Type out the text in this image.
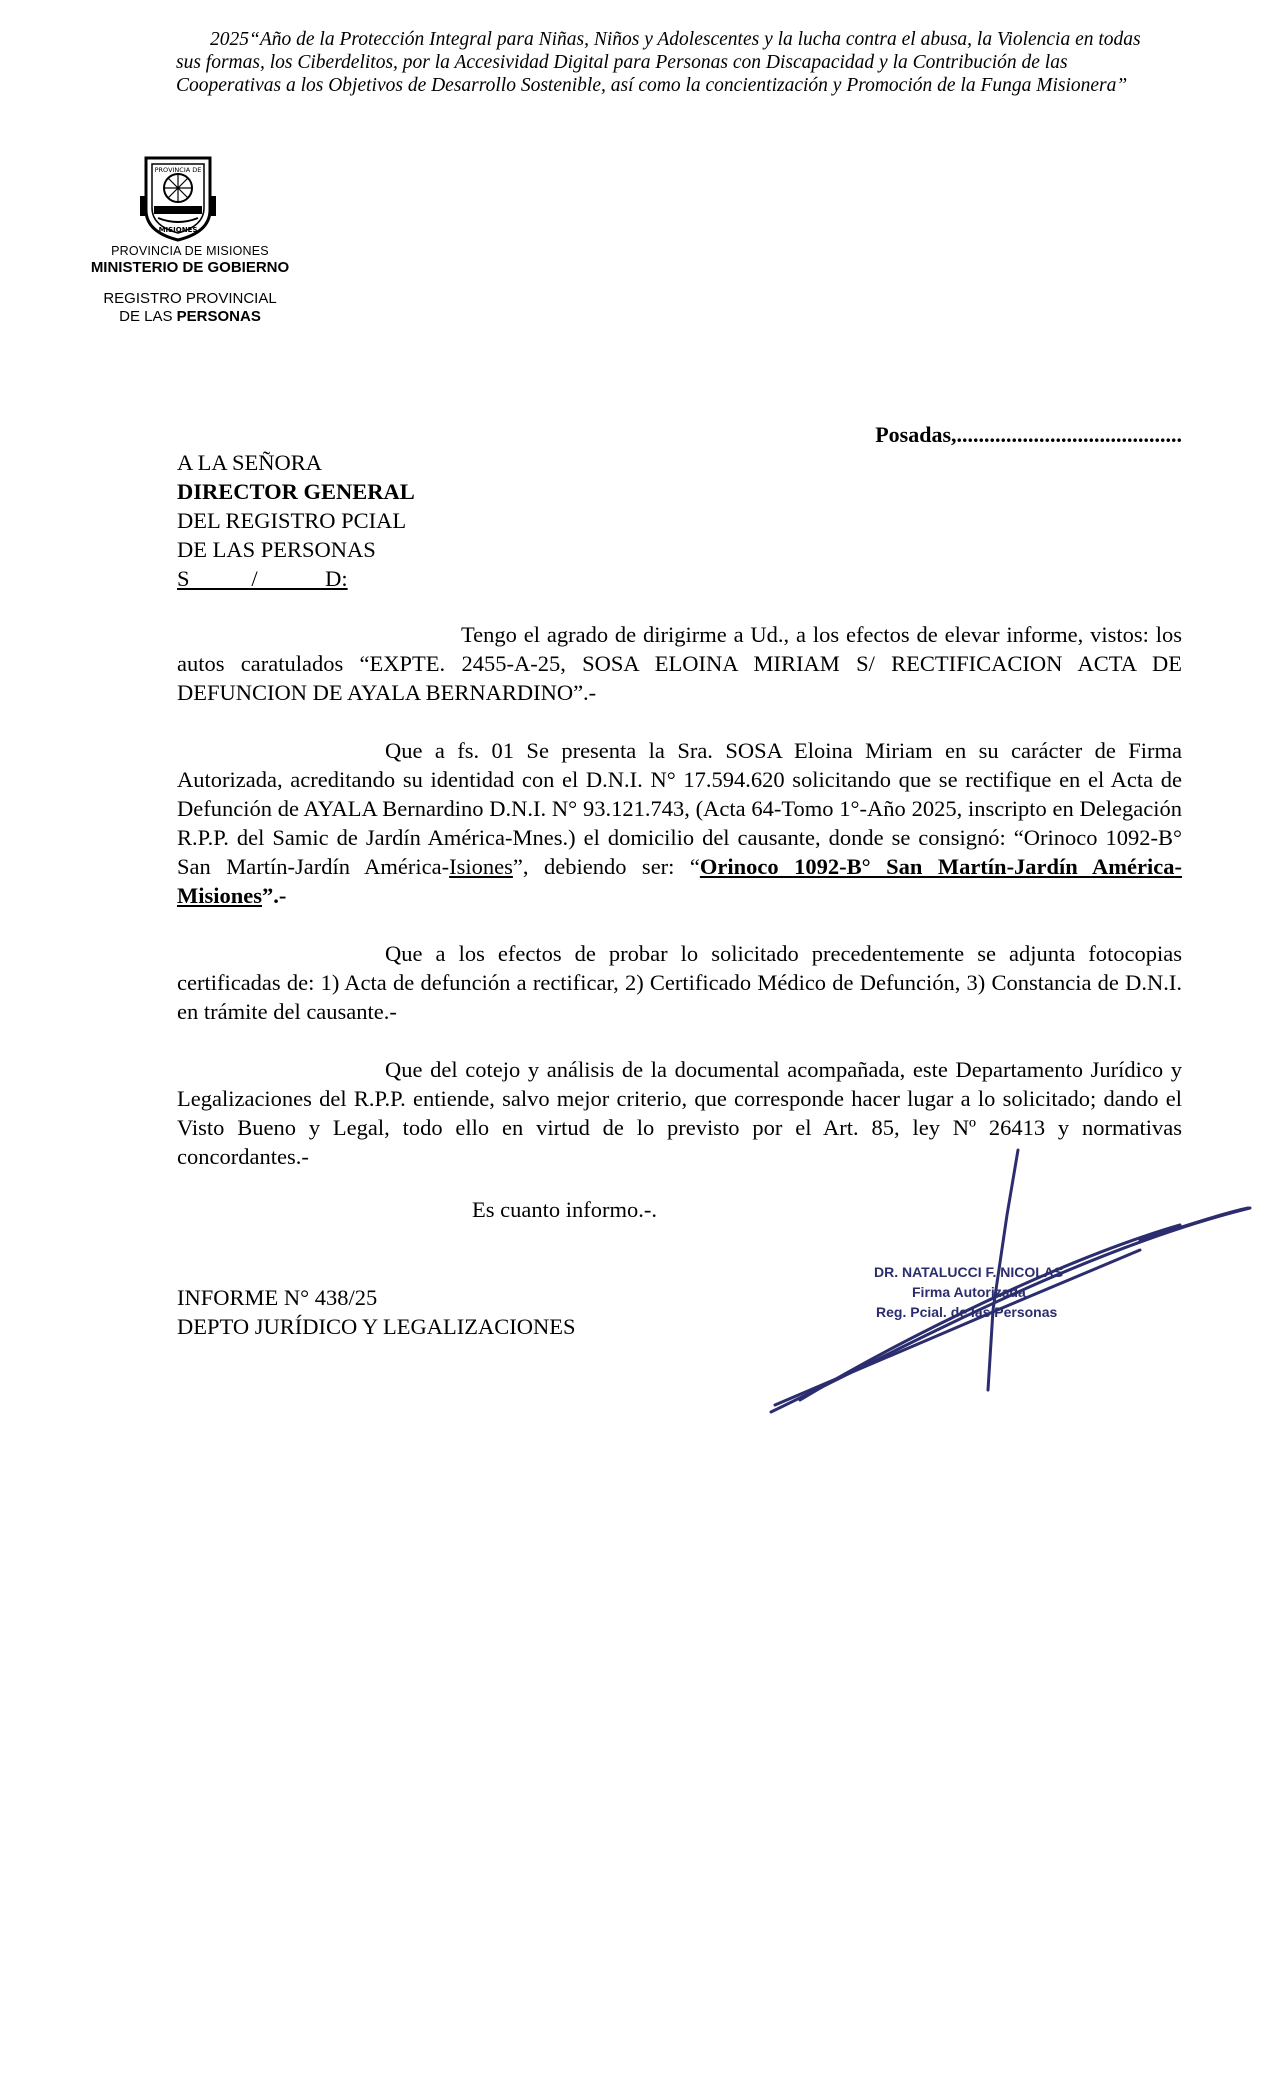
2025“Año de la Protección Integral para Niñas, Niños y Adolescentes y la lucha contra el abusa, la Violencia en todas sus formas, los Ciberdelitos, por la Accesividad Digital para Personas con Discapacidad y la Contribución de las Cooperativas a los Objetivos de Desarrollo Sostenible, así como la concientización y Promoción de la Funga Misionera”
PROVINCIA DE
MISIONES
PROVINCIA DE MISIONES
MINISTERIO DE GOBIERNO
REGISTRO PROVINCIAL
DE LAS PERSONAS
Posadas,.........................................
A LA SEÑORA
DIRECTOR GENERAL
DEL REGISTRO PCIAL
DE LAS PERSONAS
S           /            D:

Tengo el agrado de dirigirme a Ud., a los efectos de elevar informe, vistos: los autos caratulados “EXPTE. 2455-A-25, SOSA ELOINA MIRIAM S/ RECTIFICACION ACTA DE DEFUNCION DE AYALA BERNARDINO”.-

Que a fs. 01 Se presenta la Sra. SOSA Eloina Miriam en su carácter de Firma Autorizada, acreditando su identidad con el D.N.I. N° 17.594.620 solicitando que se rectifique en el Acta de Defunción de AYALA Bernardino D.N.I. N° 93.121.743, (Acta 64-Tomo 1°-Año 2025, inscripto en Delegación R.P.P. del Samic de Jardín América-Mnes.) el domicilio del causante, donde se consignó: “Orinoco 1092-B° San Martín-Jardín América-Isiones”, debiendo ser: “Orinoco 1092-B° San Martín-Jardín América-Misiones”.-

Que a los efectos de probar lo solicitado precedentemente se adjunta fotocopias certificadas de: 1) Acta de defunción a rectificar, 2) Certificado Médico de Defunción, 3) Constancia de D.N.I. en trámite del causante.-

Que del cotejo y análisis de la documental acompañada, este Departamento Jurídico y Legalizaciones del R.P.P. entiende, salvo mejor criterio, que corresponde hacer lugar a lo solicitado; dando el Visto Bueno y Legal, todo ello en virtud de lo previsto por el Art. 85, ley Nº 26413 y normativas concordantes.-

Es cuanto informo.-.
INFORME N° 438/25
DEPTO JURÍDICO Y LEGALIZACIONES
DR. NATALUCCI F. NICOLAS
Firma Autorizada
Reg. Pcial. de las Personas
